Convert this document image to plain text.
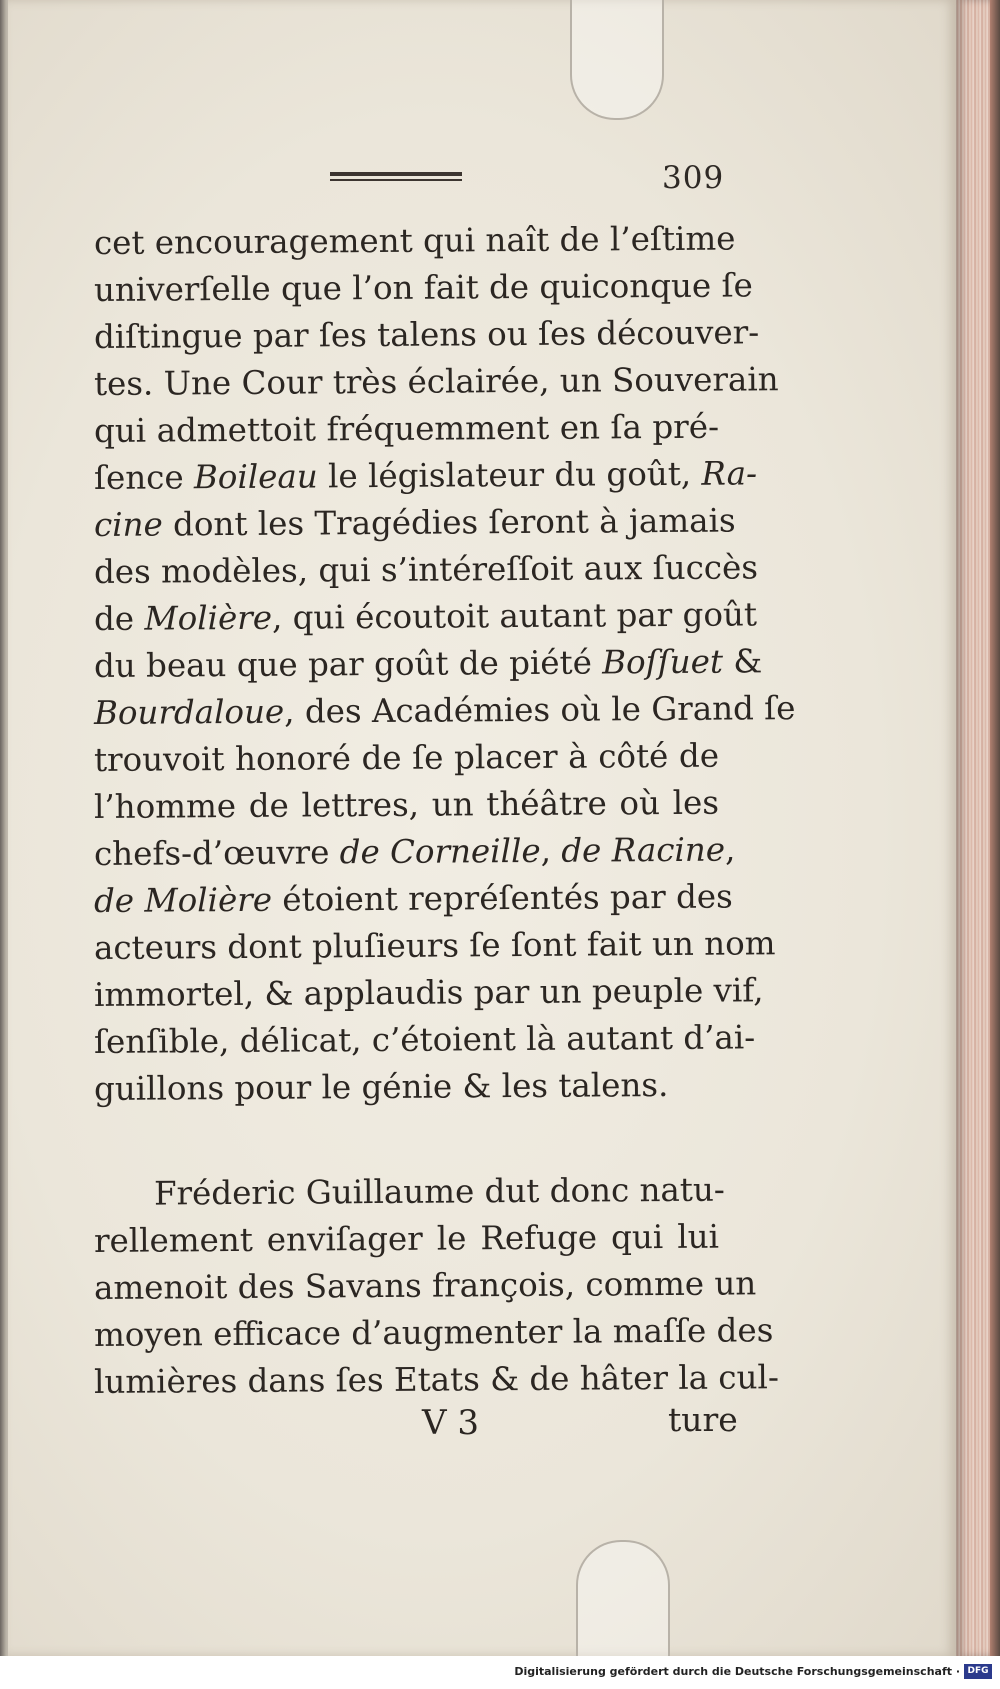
309
cet encouragement qui naît de l’eſtime
univerſelle que l’on fait de quiconque ſe
diſtingue par ſes talens ou ſes découver-
tes. Une Cour très éclairée, un Souverain
qui admettoit fréquemment en ſa pré-
ſence Boileau le législateur du goût, Ra-
cine dont les Tragédies ſeront à jamais
des modèles, qui s’intéreſſoit aux ſuccès
de Molière, qui écoutoit autant par goût
du beau que par goût de piété Boſſuet &
Bourdaloue, des Académies où le Grand ſe
trouvoit honoré de ſe placer à côté de
l’homme de lettres, un théâtre où les
chefs-d’œuvre de Corneille, de Racine,
de Molière étoient repréſentés par des
acteurs dont pluſieurs ſe ſont fait un nom
immortel, & applaudis par un peuple vif,
ſenſible, délicat, c’étoient là autant d’ai-
guillons pour le génie & les talens.
Fréderic Guillaume dut donc natu-
rellement enviſager le Refuge qui lui
amenoit des Savans françois, comme un
moyen efficace d’augmenter la maſſe des
lumières dans ſes Etats & de hâter la cul-
V 3	ture
Digitalisierung gefördert durch die Deutsche Forschungsgemeinschaft · DFG
